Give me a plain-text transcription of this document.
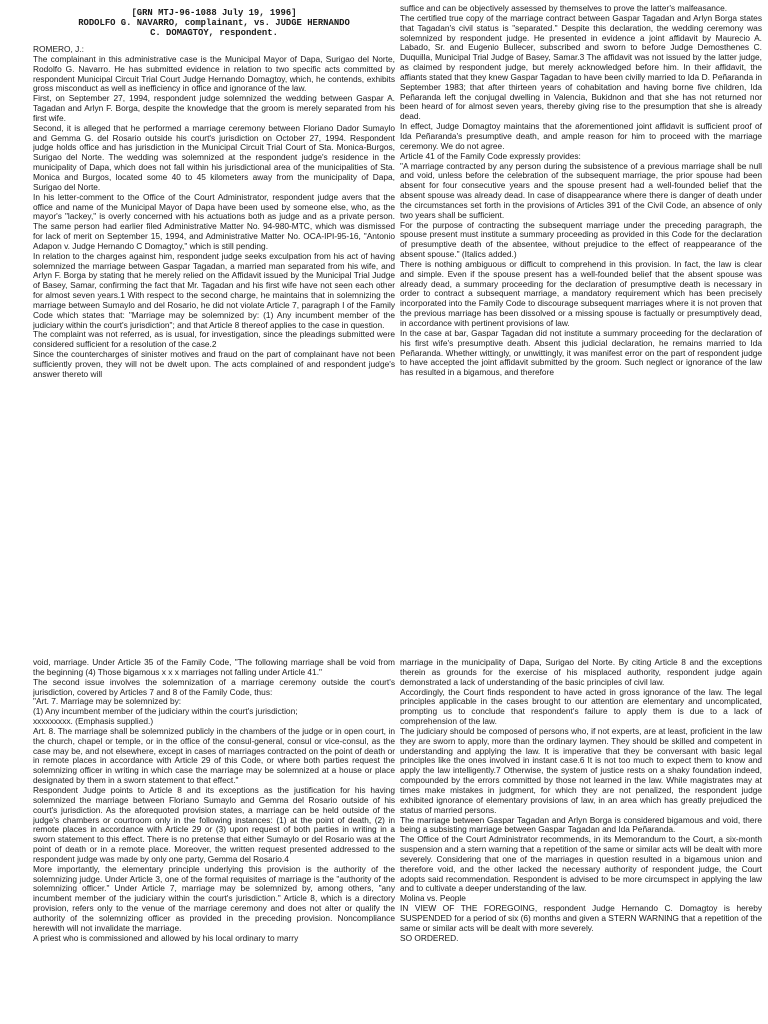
[GRN MTJ-96-1088 July 19, 1996]
RODOLFO G. NAVARRO, complainant, vs. JUDGE HERNANDO
C. DOMAGTOY, respondent.

ROMERO, J.:

The complainant in this administrative case is the Municipal Mayor of Dapa, Surigao del Norte, Rodolfo G. Navarro. He has submitted evidence in relation to two specific acts committed by respondent Municipal Circuit Trial Court Judge Hernando Domagtoy, which, he contends, exhibits gross misconduct as well as inefficiency in office and ignorance of the law.

First, on September 27, 1994, respondent judge solemnized the wedding between Gaspar A. Tagadan and Arlyn F. Borga, despite the knowledge that the groom is merely separated from his first wife.

Second, it is alleged that he performed a marriage ceremony between Floriano Dador Sumaylo and Gemma G. del Rosario outside his court's jurisdiction on October 27, 1994. Respondent judge holds office and has jurisdiction in the Municipal Circuit Trial Court of Sta. Monica-Burgos, Surigao del Norte. The wedding was solemnized at the respondent judge's residence in the municipality of Dapa, which does not fall within his jurisdictional area of the municipalities of Sta. Monica and Burgos, located some 40 to 45 kilometers away from the municipality of Dapa, Surigao del Norte.

In his letter-comment to the Office of the Court Administrator, respondent judge avers that the office and name of the Municipal Mayor of Dapa have been used by someone else, who, as the mayor's "lackey," is overly concerned with his actuations both as judge and as a private person. The same person had earlier filed Administrative Matter No. 94-980-MTC, which was dismissed for lack of merit on September 15, 1994, and Administrative Matter No. OCA-IPI-95-16, "Antonio Adapon v. Judge Hernando C Domagtoy," which is still pending.

In relation to the charges against him, respondent judge seeks exculpation from his act of having solemnized the marriage between Gaspar Tagadan, a married man separated from his wife, and Arlyn F. Borga by stating that he merely relied on the Affidavit issued by the Municipal Trial Judge of Basey, Samar, confirming the fact that Mr. Tagadan and his first wife have not seen each other for almost seven years.1 With respect to the second charge, he maintains that in solemnizing the marriage between Sumaylo and del Rosario, he did not violate Article 7, paragraph I of the Family Code which states that: "Marriage may be solemnized by: (1) Any incumbent member of the judiciary within the court's jurisdiction"; and that Article 8 thereof applies to the case in question.

The complaint was not referred, as is usual, for investigation, since the pleadings submitted were considered sufficient for a resolution of the case.2

Since the countercharges of sinister motives and fraud on the part of complainant have not been sufficiently proven, they will not be dwelt upon. The acts complained of and respondent judge's answer thereto will

suffice and can be objectively assessed by themselves to prove the latter's malfeasance.

The certified true copy of the marriage contract between Gaspar Tagadan and Arlyn Borga states that Tagadan's civil status is "separated." Despite this declaration, the wedding ceremony was solemnized by respondent judge. He presented in evidence a joint affidavit by Maurecio A. Labado, Sr. and Eugenio Bullecer, subscribed and sworn to before Judge Demosthenes C. Duquilla, Municipal Trial Judge of Basey, Samar.3 The affidavit was not issued by the latter judge, as claimed by respondent judge, but merely acknowledged before him. In their affidavit, the affiants stated that they knew Gaspar Tagadan to have been civilly married to Ida D. Peñaranda in September 1983; that after thirteen years of cohabitation and having borne five children, Ida Peñaranda left the conjugal dwelling in Valencia, Bukidnon and that she has not returned nor been heard of for almost seven years, thereby giving rise to the presumption that she is already dead.

In effect, Judge Domagtoy maintains that the aforementioned joint affidavit is sufficient proof of Ida Peñaranda's presumptive death, and ample reason for him to proceed with the marriage ceremony. We do not agree.

Article 41 of the Family Code expressly provides:

"A marriage contracted by any person during the subsistence of a previous marriage shall be null and void, unless before the celebration of the subsequent marriage, the prior spouse had been absent for four consecutive years and the spouse present had a well-founded belief that the absent spouse was already dead. In case of disappearance where there is danger of death under the circumstances set forth in the provisions of Articles 391 of the Civil Code, an absence of only two years shall be sufficient.

For the purpose of contracting the subsequent marriage under the preceding paragraph, the spouse present must institute a summary proceeding as provided in this Code for the declaration of presumptive death of the absentee, without prejudice to the effect of reappearance of the absent spouse." (Italics added.)

There is nothing ambiguous or difficult to comprehend in this provision. In fact, the law is clear and simple. Even if the spouse present has a well-founded belief that the absent spouse was already dead, a summary proceeding for the declaration of presumptive death is necessary in order to contract a subsequent marriage, a mandatory requirement which has been precisely incorporated into the Family Code to discourage subsequent marriages where it is not proven that the previous marriage has been dissolved or a missing spouse is factually or presumptively dead, in accordance with pertinent provisions of law.

In the case at bar, Gaspar Tagadan did not institute a summary proceeding for the declaration of his first wife's presumptive death. Absent this judicial declaration, he remains married to Ida Peñaranda. Whether wittingly, or unwittingly, it was manifest error on the part of respondent judge to have accepted the joint affidavit submitted by the groom. Such neglect or ignorance of the law has resulted in a bigamous, and therefore

void, marriage. Under Article 35 of the Family Code, "The following marriage shall be void from the beginning (4) Those bigamous x x x marriages not falling under Article 41."

The second issue involves the solemnization of a marriage ceremony outside the court's jurisdiction, covered by Articles 7 and 8 of the Family Code, thus:

"Art. 7. Marriage may be solemnized by:

(1) Any incumbent member of the judiciary within the court's jurisdiction;

xxxxxxxxx. (Emphasis supplied.)

Art. 8. The marriage shall be solemnized publicly in the chambers of the judge or in open court, in the church, chapel or temple, or in the office of the consul-general, consul or vice-consul, as the case may be, and not elsewhere, except in cases of marriages contracted on the point of death or in remote places in accordance with Article 29 of this Code, or where both parties request the solemnizing officer in writing in which case the marriage may be solemnized at a house or place designated by them in a sworn statement to that effect."

Respondent Judge points to Article 8 and its exceptions as the justification for his having solemnized the marriage between Floriano Sumaylo and Gemma del Rosario outside of his court's jurisdiction. As the aforequoted provision states, a marriage can be held outside of the judge's chambers or courtroom only in the following instances: (1) at the point of death, (2) in remote places in accordance with Article 29 or (3) upon request of both parties in writing in a sworn statement to this effect. There is no pretense that either Sumaylo or del Rosario was at the point of death or in a remote place. Moreover, the written request presented addressed to the respondent judge was made by only one party, Gemma del Rosario.4

More importantly, the elementary principle underlying this provision is the authority of the solemnizing judge. Under Article 3, one of the formal requisites of marriage is the "authority of the solemnizing officer." Under Article 7, marriage may be solemnized by, among others, "any incumbent member of the judiciary within the court's jurisdiction." Article 8, which is a directory provision, refers only to the venue of the marriage ceremony and does not alter or qualify the authority of the solemnizing officer as provided in the preceding provision. Noncompliance herewith will not invalidate the marriage.

A priest who is commissioned and allowed by his local ordinary to marry

marriage in the municipality of Dapa, Surigao del Norte. By citing Article 8 and the exceptions therein as grounds for the exercise of his misplaced authority, respondent judge again demonstrated a lack of understanding of the basic principles of civil law.

Accordingly, the Court finds respondent to have acted in gross ignorance of the law. The legal principles applicable in the cases brought to our attention are elementary and uncomplicated, prompting us to conclude that respondent's failure to apply them is due to a lack of comprehension of the law.

The judiciary should be composed of persons who, if not experts, are at least, proficient in the law they are sworn to apply, more than the ordinary laymen. They should be skilled and competent in understanding and applying the law. It is imperative that they be conversant with basic legal principles like the ones involved in instant case.6 It is not too much to expect them to know and apply the law intelligently.7 Otherwise, the system of justice rests on a shaky foundation indeed, compounded by the errors committed by those not learned in the law. While magistrates may at times make mistakes in judgment, for which they are not penalized, the respondent judge exhibited ignorance of elementary provisions of law, in an area which has greatly prejudiced the status of married persons.

The marriage between Gaspar Tagadan and Arlyn Borga is considered bigamous and void, there being a subsisting marriage between Gaspar Tagadan and Ida Peñaranda.

The Office of the Court Administrator recommends, in its Memorandum to the Court, a six-month suspension and a stern warning that a repetition of the same or similar acts will be dealt with more severely. Considering that one of the marriages in question resulted in a bigamous union and therefore void, and the other lacked the necessary authority of respondent judge, the Court adopts said recommendation. Respondent is advised to be more circumspect in applying the law and to cultivate a deeper understanding of the law.

Molina vs. People

IN VIEW OF THE FOREGOING, respondent Judge Hernando C. Domagtoy is hereby SUSPENDED for a period of six (6) months and given a STERN WARNING that a repetition of the same or similar acts will be dealt with more severely.

SO ORDERED.
